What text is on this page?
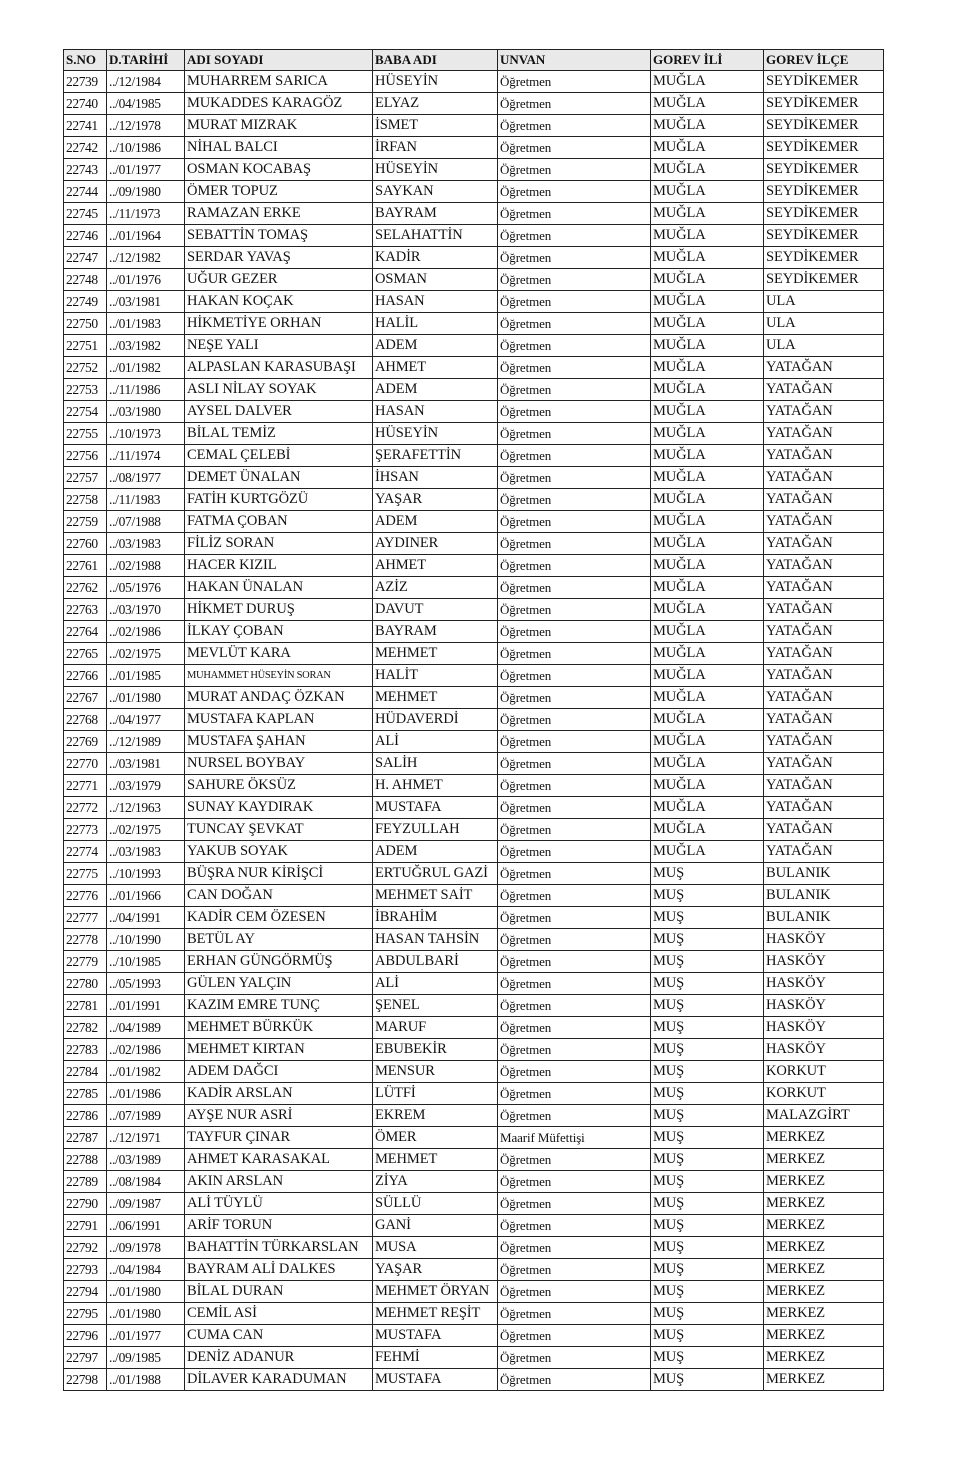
S.NO	D.TARİHİ	ADI SOYADI	BABA ADI	UNVAN	GOREV İLİ	GOREV İLÇE
22739	../12/1984	MUHARREM SARICA	HÜSEYİN	Öğretmen	MUĞLA	SEYDİKEMER
22740	../04/1985	MUKADDES KARAGÖZ	ELYAZ	Öğretmen	MUĞLA	SEYDİKEMER
22741	../12/1978	MURAT MIZRAK	İSMET	Öğretmen	MUĞLA	SEYDİKEMER
22742	../10/1986	NİHAL BALCI	İRFAN	Öğretmen	MUĞLA	SEYDİKEMER
22743	../01/1977	OSMAN KOCABAŞ	HÜSEYİN	Öğretmen	MUĞLA	SEYDİKEMER
22744	../09/1980	ÖMER TOPUZ	SAYKAN	Öğretmen	MUĞLA	SEYDİKEMER
22745	../11/1973	RAMAZAN ERKE	BAYRAM	Öğretmen	MUĞLA	SEYDİKEMER
22746	../01/1964	SEBATTİN TOMAŞ	SELAHATTİN	Öğretmen	MUĞLA	SEYDİKEMER
22747	../12/1982	SERDAR YAVAŞ	KADİR	Öğretmen	MUĞLA	SEYDİKEMER
22748	../01/1976	UĞUR GEZER	OSMAN	Öğretmen	MUĞLA	SEYDİKEMER
22749	../03/1981	HAKAN KOÇAK	HASAN	Öğretmen	MUĞLA	ULA
22750	../01/1983	HİKMETİYE ORHAN	HALİL	Öğretmen	MUĞLA	ULA
22751	../03/1982	NEŞE YALI	ADEM	Öğretmen	MUĞLA	ULA
22752	../01/1982	ALPASLAN KARASUBAŞI	AHMET	Öğretmen	MUĞLA	YATAĞAN
22753	../11/1986	ASLI NİLAY SOYAK	ADEM	Öğretmen	MUĞLA	YATAĞAN
22754	../03/1980	AYSEL DALVER	HASAN	Öğretmen	MUĞLA	YATAĞAN
22755	../10/1973	BİLAL TEMİZ	HÜSEYİN	Öğretmen	MUĞLA	YATAĞAN
22756	../11/1974	CEMAL ÇELEBİ	ŞERAFETTİN	Öğretmen	MUĞLA	YATAĞAN
22757	../08/1977	DEMET ÜNALAN	İHSAN	Öğretmen	MUĞLA	YATAĞAN
22758	../11/1983	FATİH KURTGÖZÜ	YAŞAR	Öğretmen	MUĞLA	YATAĞAN
22759	../07/1988	FATMA ÇOBAN	ADEM	Öğretmen	MUĞLA	YATAĞAN
22760	../03/1983	FİLİZ SORAN	AYDINER	Öğretmen	MUĞLA	YATAĞAN
22761	../02/1988	HACER KIZIL	AHMET	Öğretmen	MUĞLA	YATAĞAN
22762	../05/1976	HAKAN ÜNALAN	AZİZ	Öğretmen	MUĞLA	YATAĞAN
22763	../03/1970	HİKMET DURUŞ	DAVUT	Öğretmen	MUĞLA	YATAĞAN
22764	../02/1986	İLKAY ÇOBAN	BAYRAM	Öğretmen	MUĞLA	YATAĞAN
22765	../02/1975	MEVLÜT KARA	MEHMET	Öğretmen	MUĞLA	YATAĞAN
22766	../01/1985	MUHAMMET HÜSEYİN SORAN	HALİT	Öğretmen	MUĞLA	YATAĞAN
22767	../01/1980	MURAT ANDAÇ ÖZKAN	MEHMET	Öğretmen	MUĞLA	YATAĞAN
22768	../04/1977	MUSTAFA KAPLAN	HÜDAVERDİ	Öğretmen	MUĞLA	YATAĞAN
22769	../12/1989	MUSTAFA ŞAHAN	ALİ	Öğretmen	MUĞLA	YATAĞAN
22770	../03/1981	NURSEL BOYBAY	SALİH	Öğretmen	MUĞLA	YATAĞAN
22771	../03/1979	SAHURE ÖKSÜZ	H. AHMET	Öğretmen	MUĞLA	YATAĞAN
22772	../12/1963	SUNAY KAYDIRAK	MUSTAFA	Öğretmen	MUĞLA	YATAĞAN
22773	../02/1975	TUNCAY ŞEVKAT	FEYZULLAH	Öğretmen	MUĞLA	YATAĞAN
22774	../03/1983	YAKUB SOYAK	ADEM	Öğretmen	MUĞLA	YATAĞAN
22775	../10/1993	BÜŞRA NUR KİRİŞCİ	ERTUĞRUL GAZİ	Öğretmen	MUŞ	BULANIK
22776	../01/1966	CAN DOĞAN	MEHMET SAİT	Öğretmen	MUŞ	BULANIK
22777	../04/1991	KADİR CEM ÖZESEN	İBRAHİM	Öğretmen	MUŞ	BULANIK
22778	../10/1990	BETÜL AY	HASAN TAHSİN	Öğretmen	MUŞ	HASKÖY
22779	../10/1985	ERHAN GÜNGÖRMÜŞ	ABDULBARİ	Öğretmen	MUŞ	HASKÖY
22780	../05/1993	GÜLEN YALÇIN	ALİ	Öğretmen	MUŞ	HASKÖY
22781	../01/1991	KAZIM EMRE TUNÇ	ŞENEL	Öğretmen	MUŞ	HASKÖY
22782	../04/1989	MEHMET BÜRKÜK	MARUF	Öğretmen	MUŞ	HASKÖY
22783	../02/1986	MEHMET KIRTAN	EBUBEKİR	Öğretmen	MUŞ	HASKÖY
22784	../01/1982	ADEM DAĞCI	MENSUR	Öğretmen	MUŞ	KORKUT
22785	../01/1986	KADİR ARSLAN	LÜTFİ	Öğretmen	MUŞ	KORKUT
22786	../07/1989	AYŞE NUR ASRİ	EKREM	Öğretmen	MUŞ	MALAZGİRT
22787	../12/1971	TAYFUR ÇINAR	ÖMER	Maarif Müfettişi	MUŞ	MERKEZ
22788	../03/1989	AHMET KARASAKAL	MEHMET	Öğretmen	MUŞ	MERKEZ
22789	../08/1984	AKIN ARSLAN	ZİYA	Öğretmen	MUŞ	MERKEZ
22790	../09/1987	ALİ TÜYLÜ	SÜLLÜ	Öğretmen	MUŞ	MERKEZ
22791	../06/1991	ARİF TORUN	GANİ	Öğretmen	MUŞ	MERKEZ
22792	../09/1978	BAHATTİN TÜRKARSLAN	MUSA	Öğretmen	MUŞ	MERKEZ
22793	../04/1984	BAYRAM ALİ DALKES	YAŞAR	Öğretmen	MUŞ	MERKEZ
22794	../01/1980	BİLAL DURAN	MEHMET ÖRYAN	Öğretmen	MUŞ	MERKEZ
22795	../01/1980	CEMİL ASİ	MEHMET REŞİT	Öğretmen	MUŞ	MERKEZ
22796	../01/1977	CUMA CAN	MUSTAFA	Öğretmen	MUŞ	MERKEZ
22797	../09/1985	DENİZ ADANUR	FEHMİ	Öğretmen	MUŞ	MERKEZ
22798	../01/1988	DİLAVER KARADUMAN	MUSTAFA	Öğretmen	MUŞ	MERKEZ
